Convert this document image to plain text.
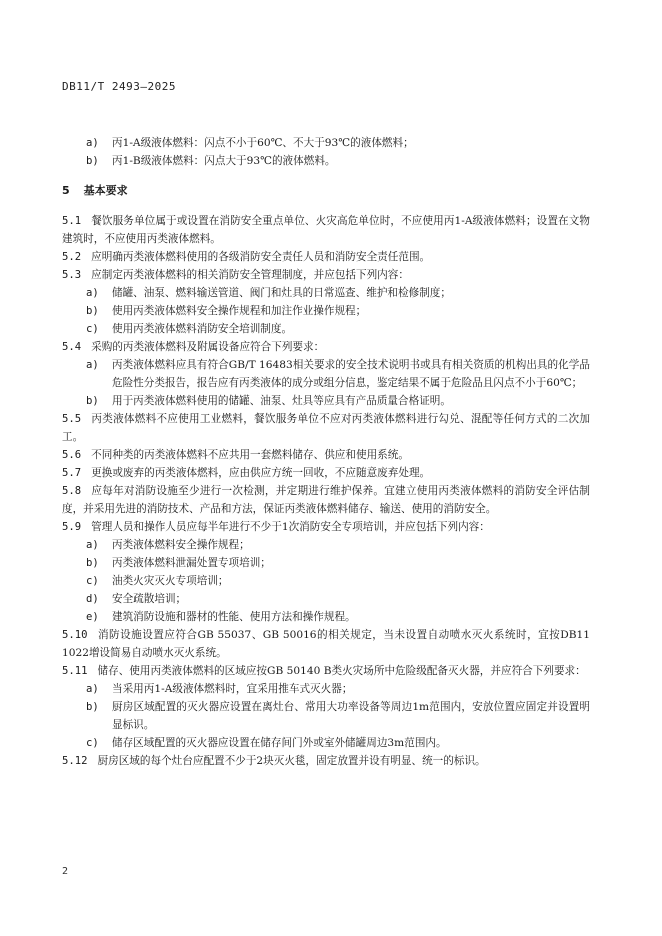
DB11/T 2493—2025
a) 丙1-A级液体燃料：闪点不小于60℃、不大于93℃的液体燃料；
b) 丙1-B级液体燃料：闪点大于93℃的液体燃料。
5 基本要求
5.1 餐饮服务单位属于或设置在消防安全重点单位、火灾高危单位时，不应使用丙1-A级液体燃料；设置在文物建筑时，不应使用丙类液体燃料。
5.2 应明确丙类液体燃料使用的各级消防安全责任人员和消防安全责任范围。
5.3 应制定丙类液体燃料的相关消防安全管理制度，并应包括下列内容：
a) 储罐、油泵、燃料输送管道、阀门和灶具的日常巡查、维护和检修制度；
b) 使用丙类液体燃料安全操作规程和加注作业操作规程；
c) 使用丙类液体燃料消防安全培训制度。
5.4 采购的丙类液体燃料及附属设备应符合下列要求：
a) 丙类液体燃料应具有符合GB/T 16483相关要求的安全技术说明书或具有相关资质的机构出具的化学品危险性分类报告，报告应有丙类液体的成分或组分信息，鉴定结果不属于危险品且闪点不小于60℃；
b) 用于丙类液体燃料使用的储罐、油泵、灶具等应具有产品质量合格证明。
5.5 丙类液体燃料不应使用工业燃料，餐饮服务单位不应对丙类液体燃料进行勾兑、混配等任何方式的二次加工。
5.6 不同种类的丙类液体燃料不应共用一套燃料储存、供应和使用系统。
5.7 更换或废弃的丙类液体燃料，应由供应方统一回收，不应随意废弃处理。
5.8 应每年对消防设施至少进行一次检测，并定期进行维护保养。宜建立使用丙类液体燃料的消防安全评估制度，并采用先进的消防技术、产品和方法，保证丙类液体燃料储存、输送、使用的消防安全。
5.9 管理人员和操作人员应每半年进行不少于1次消防安全专项培训，并应包括下列内容：
a) 丙类液体燃料安全操作规程；
b) 丙类液体燃料泄漏处置专项培训；
c) 油类火灾灭火专项培训；
d) 安全疏散培训；
e) 建筑消防设施和器材的性能、使用方法和操作规程。
5.10 消防设施设置应符合GB 55037、GB 50016的相关规定，当未设置自动喷水灭火系统时，宜按DB11 1022增设简易自动喷水灭火系统。
5.11 储存、使用丙类液体燃料的区域应按GB 50140 B类火灾场所中危险级配备灭火器，并应符合下列要求：
a) 当采用丙1-A级液体燃料时，宜采用推车式灭火器；
b) 厨房区域配置的灭火器应设置在离灶台、常用大功率设备等周边1m范围内，安放位置应固定并设置明显标识。
c) 储存区域配置的灭火器应设置在储存间门外或室外储罐周边3m范围内。
5.12 厨房区域的每个灶台应配置不少于2块灭火毯，固定放置并设有明显、统一的标识。
2
